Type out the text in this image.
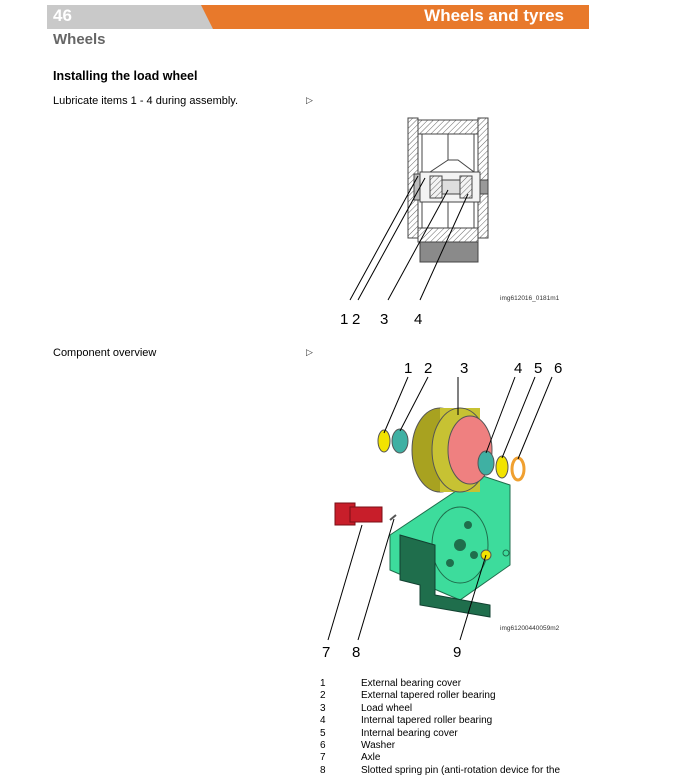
46	Wheels and tyres
Wheels
Installing the load wheel
Lubricate items 1 - 4 during assembly.	▷
1 2 3 4
img612016_0181m1
Component overview	▷
1 2 3	4 5 6
7 8	9
img61200440059m2
1	External bearing cover
2	External tapered roller bearing
3	Load wheel
4	Internal tapered roller bearing
5	Internal bearing cover
6	Washer
7	Axle
8	Slotted spring pin (anti-rotation device for the
